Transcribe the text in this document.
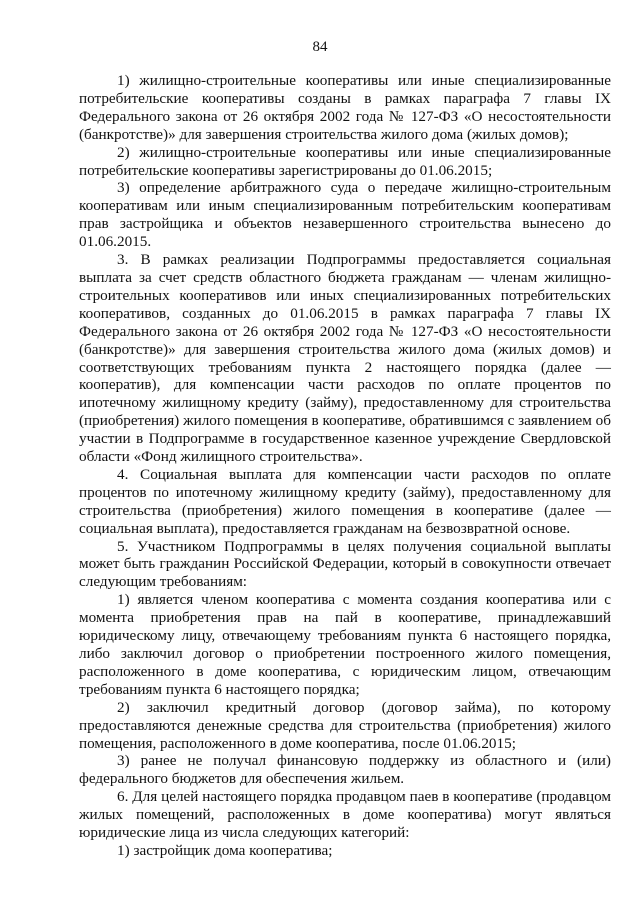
84

1) жилищно-строительные кооперативы или иные специализированные потребительские кооперативы созданы в рамках параграфа 7 главы IX Федерального закона от 26 октября 2002 года № 127-ФЗ «О несостоятельности (банкротстве)» для завершения строительства жилого дома (жилых домов);

2) жилищно-строительные кооперативы или иные специализированные потребительские кооперативы зарегистрированы до 01.06.2015;

3) определение арбитражного суда о передаче жилищно-строительным кооперативам или иным специализированным потребительским кооперативам прав застройщика и объектов незавершенного строительства вынесено до 01.06.2015.

3. В рамках реализации Подпрограммы предоставляется социальная выплата за счет средств областного бюджета гражданам — членам жилищно-строительных кооперативов или иных специализированных потребительских кооперативов, созданных до 01.06.2015 в рамках параграфа 7 главы IX Федерального закона от 26 октября 2002 года № 127-ФЗ «О несостоятельности (банкротстве)» для завершения строительства жилого дома (жилых домов) и соответствующих требованиям пункта 2 настоящего порядка (далее — кооператив), для компенсации части расходов по оплате процентов по ипотечному жилищному кредиту (займу), предоставленному для строительства (приобретения) жилого помещения в кооперативе, обратившимся с заявлением об участии в Подпрограмме в государственное казенное учреждение Свердловской области «Фонд жилищного строительства».

4. Социальная выплата для компенсации части расходов по оплате процентов по ипотечному жилищному кредиту (займу), предоставленному для строительства (приобретения) жилого помещения в кооперативе (далее — социальная выплата), предоставляется гражданам на безвозвратной основе.

5. Участником Подпрограммы в целях получения социальной выплаты может быть гражданин Российской Федерации, который в совокупности отвечает следующим требованиям:

1) является членом кооператива с момента создания кооператива или с момента приобретения прав на пай в кооперативе, принадлежавший юридическому лицу, отвечающему требованиям пункта 6 настоящего порядка, либо заключил договор о приобретении построенного жилого помещения, расположенного в доме кооператива, с юридическим лицом, отвечающим требованиям пункта 6 настоящего порядка;

2) заключил кредитный договор (договор займа), по которому предоставляются денежные средства для строительства (приобретения) жилого помещения, расположенного в доме кооператива, после 01.06.2015;

3) ранее не получал финансовую поддержку из областного и (или) федерального бюджетов для обеспечения жильем.

6. Для целей настоящего порядка продавцом паев в кооперативе (продавцом жилых помещений, расположенных в доме кооператива) могут являться юридические лица из числа следующих категорий:

1) застройщик дома кооператива;
